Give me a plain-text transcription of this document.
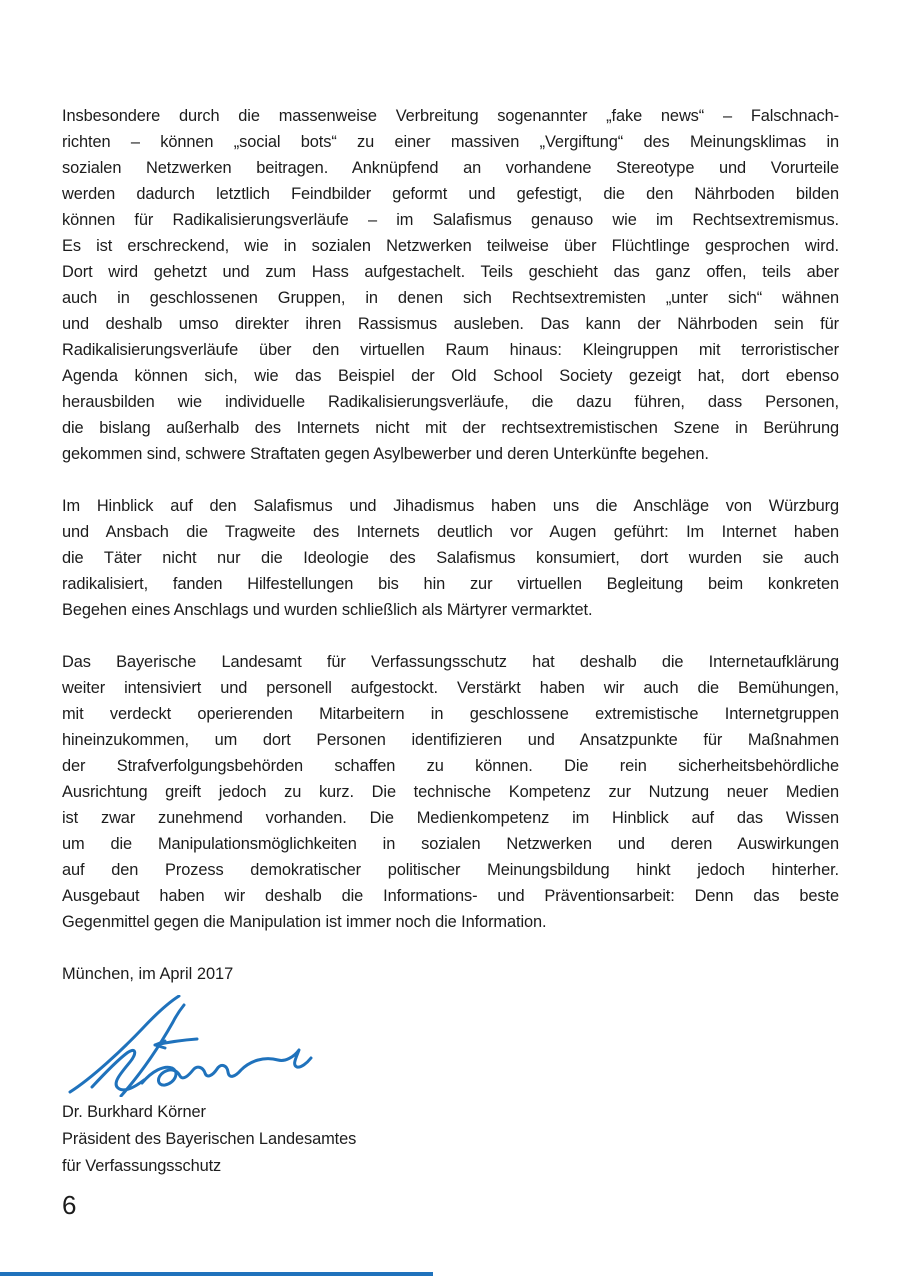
Insbesondere durch die massenweise Verbreitung sogenannter „fake news“ – Falschnach-
richten – können „social bots“ zu einer massiven „Vergiftung“ des Meinungsklimas in
sozialen Netzwerken beitragen. Anknüpfend an vorhandene Stereotype und Vorurteile
werden dadurch letztlich Feindbilder geformt und gefestigt, die den Nährboden bilden
können für Radikalisierungsverläufe – im Salafismus genauso wie im Rechtsextremismus.
Es ist erschreckend, wie in sozialen Netzwerken teilweise über Flüchtlinge gesprochen wird.
Dort wird gehetzt und zum Hass aufgestachelt. Teils geschieht das ganz offen, teils aber
auch in geschlossenen Gruppen, in denen sich Rechtsextremisten „unter sich“ wähnen
und deshalb umso direkter ihren Rassismus ausleben. Das kann der Nährboden sein für
Radikalisierungsverläufe über den virtuellen Raum hinaus: Kleingruppen mit terroristischer
Agenda können sich, wie das Beispiel der Old School Society gezeigt hat, dort ebenso
herausbilden wie individuelle Radikalisierungsverläufe, die dazu führen, dass Personen,
die bislang außerhalb des Internets nicht mit der rechtsextremistischen Szene in Berührung
gekommen sind, schwere Straftaten gegen Asylbewerber und deren Unterkünfte begehen.
Im Hinblick auf den Salafismus und Jihadismus haben uns die Anschläge von Würzburg
und Ansbach die Tragweite des Internets deutlich vor Augen geführt: Im Internet haben
die Täter nicht nur die Ideologie des Salafismus konsumiert, dort wurden sie auch
radikalisiert, fanden Hilfestellungen bis hin zur virtuellen Begleitung beim konkreten
Begehen eines Anschlags und wurden schließlich als Märtyrer vermarktet.
Das Bayerische Landesamt für Verfassungsschutz hat deshalb die Internetaufklärung
weiter intensiviert und personell aufgestockt. Verstärkt haben wir auch die Bemühungen,
mit verdeckt operierenden Mitarbeitern in geschlossene extremistische Internetgruppen
hineinzukommen, um dort Personen identifizieren und Ansatzpunkte für Maßnahmen
der Strafverfolgungsbehörden schaffen zu können. Die rein sicherheitsbehördliche
Ausrichtung greift jedoch zu kurz. Die technische Kompetenz zur Nutzung neuer Medien
ist zwar zunehmend vorhanden. Die Medienkompetenz im Hinblick auf das Wissen
um die Manipulationsmöglichkeiten in sozialen Netzwerken und deren Auswirkungen
auf den Prozess demokratischer politischer Meinungsbildung hinkt jedoch hinterher.
Ausgebaut haben wir deshalb die Informations- und Präventionsarbeit: Denn das beste
Gegenmittel gegen die Manipulation ist immer noch die Information.
München, im April 2017
Dr. Burkhard Körner
Präsident des Bayerischen Landesamtes
für Verfassungsschutz
6
